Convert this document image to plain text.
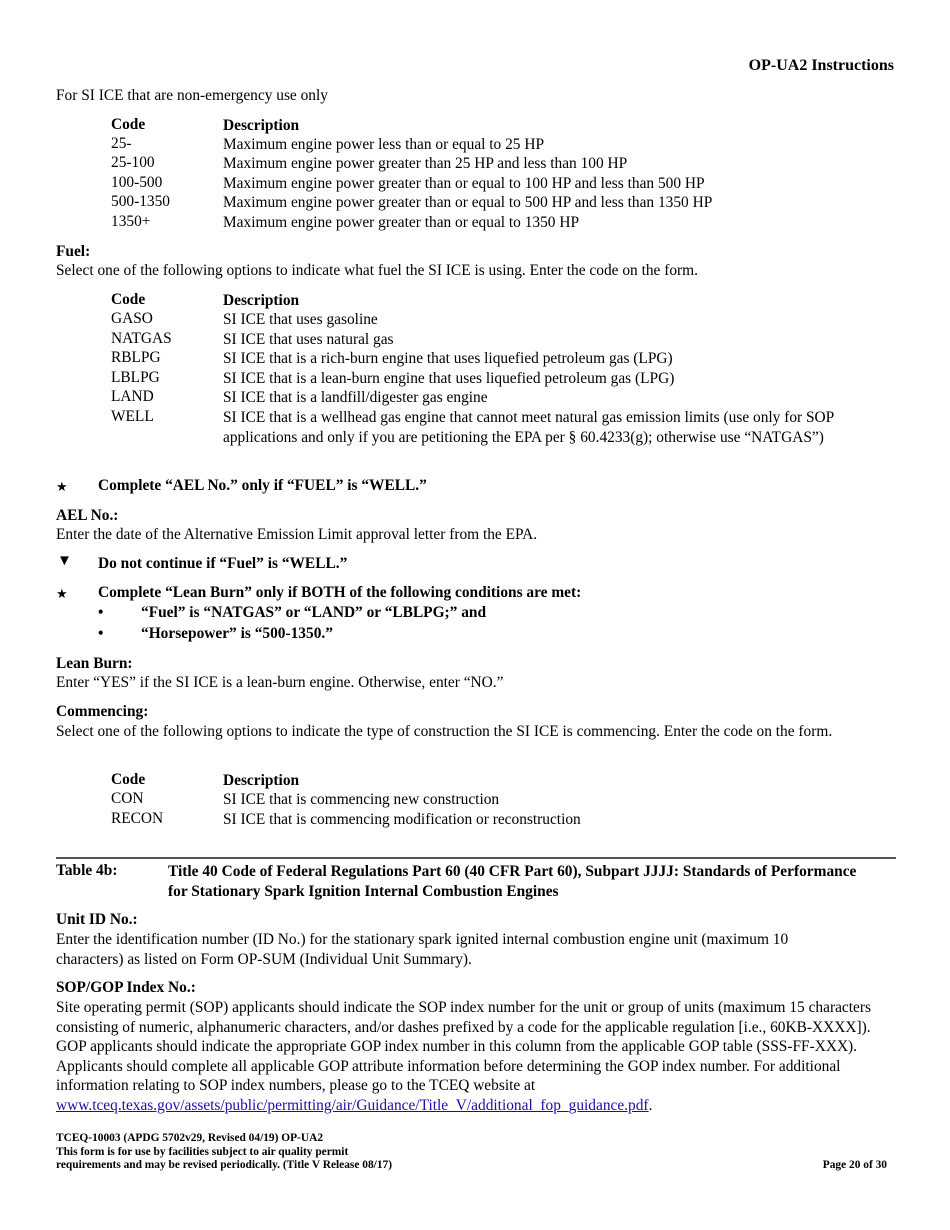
OP-UA2 Instructions
For SI ICE that are non-emergency use only
Code	Description
25-	Maximum engine power less than or equal to 25 HP
25-100	Maximum engine power greater than 25 HP and less than 100 HP
100-500	Maximum engine power greater than or equal to 100 HP and less than 500 HP
500-1350	Maximum engine power greater than or equal to 500 HP and less than 1350 HP
1350+	Maximum engine power greater than or equal to 1350 HP
Fuel:
Select one of the following options to indicate what fuel the SI ICE is using. Enter the code on the form.
Code	Description
GASO	SI ICE that uses gasoline
NATGAS	SI ICE that uses natural gas
RBLPG	SI ICE that is a rich-burn engine that uses liquefied petroleum gas (LPG)
LBLPG	SI ICE that is a lean-burn engine that uses liquefied petroleum gas (LPG)
LAND	SI ICE that is a landfill/digester gas engine
WELL	SI ICE that is a wellhead gas engine that cannot meet natural gas emission limits (use only for SOP applications and only if you are petitioning the EPA per § 60.4233(g); otherwise use “NATGAS”)
★ Complete “AEL No.” only if “FUEL” is “WELL.”
AEL No.:
Enter the date of the Alternative Emission Limit approval letter from the EPA.
▼ Do not continue if “Fuel” is “WELL.”
★ Complete “Lean Burn” only if BOTH of the following conditions are met:
• “Fuel” is “NATGAS” or “LAND” or “LBLPG;” and
• “Horsepower” is “500-1350.”
Lean Burn:
Enter “YES” if the SI ICE is a lean-burn engine. Otherwise, enter “NO.”
Commencing:
Select one of the following options to indicate the type of construction the SI ICE is commencing. Enter the code on the form.
Code	Description
CON	SI ICE that is commencing new construction
RECON	SI ICE that is commencing modification or reconstruction
Table 4b:	Title 40 Code of Federal Regulations Part 60 (40 CFR Part 60), Subpart JJJJ: Standards of Performance for Stationary Spark Ignition Internal Combustion Engines
Unit ID No.:
Enter the identification number (ID No.) for the stationary spark ignited internal combustion engine unit (maximum 10 characters) as listed on Form OP-SUM (Individual Unit Summary).
SOP/GOP Index No.:
Site operating permit (SOP) applicants should indicate the SOP index number for the unit or group of units (maximum 15 characters consisting of numeric, alphanumeric characters, and/or dashes prefixed by a code for the applicable regulation [i.e., 60KB-XXXX]). GOP applicants should indicate the appropriate GOP index number in this column from the applicable GOP table (SSS-FF-XXX). Applicants should complete all applicable GOP attribute information before determining the GOP index number. For additional information relating to SOP index numbers, please go to the TCEQ website at www.tceq.texas.gov/assets/public/permitting/air/Guidance/Title_V/additional_fop_guidance.pdf.
TCEQ-10003 (APDG 5702v29, Revised 04/19) OP-UA2
This form is for use by facilities subject to air quality permit
requirements and may be revised periodically. (Title V Release 08/17)	Page 20 of 30
